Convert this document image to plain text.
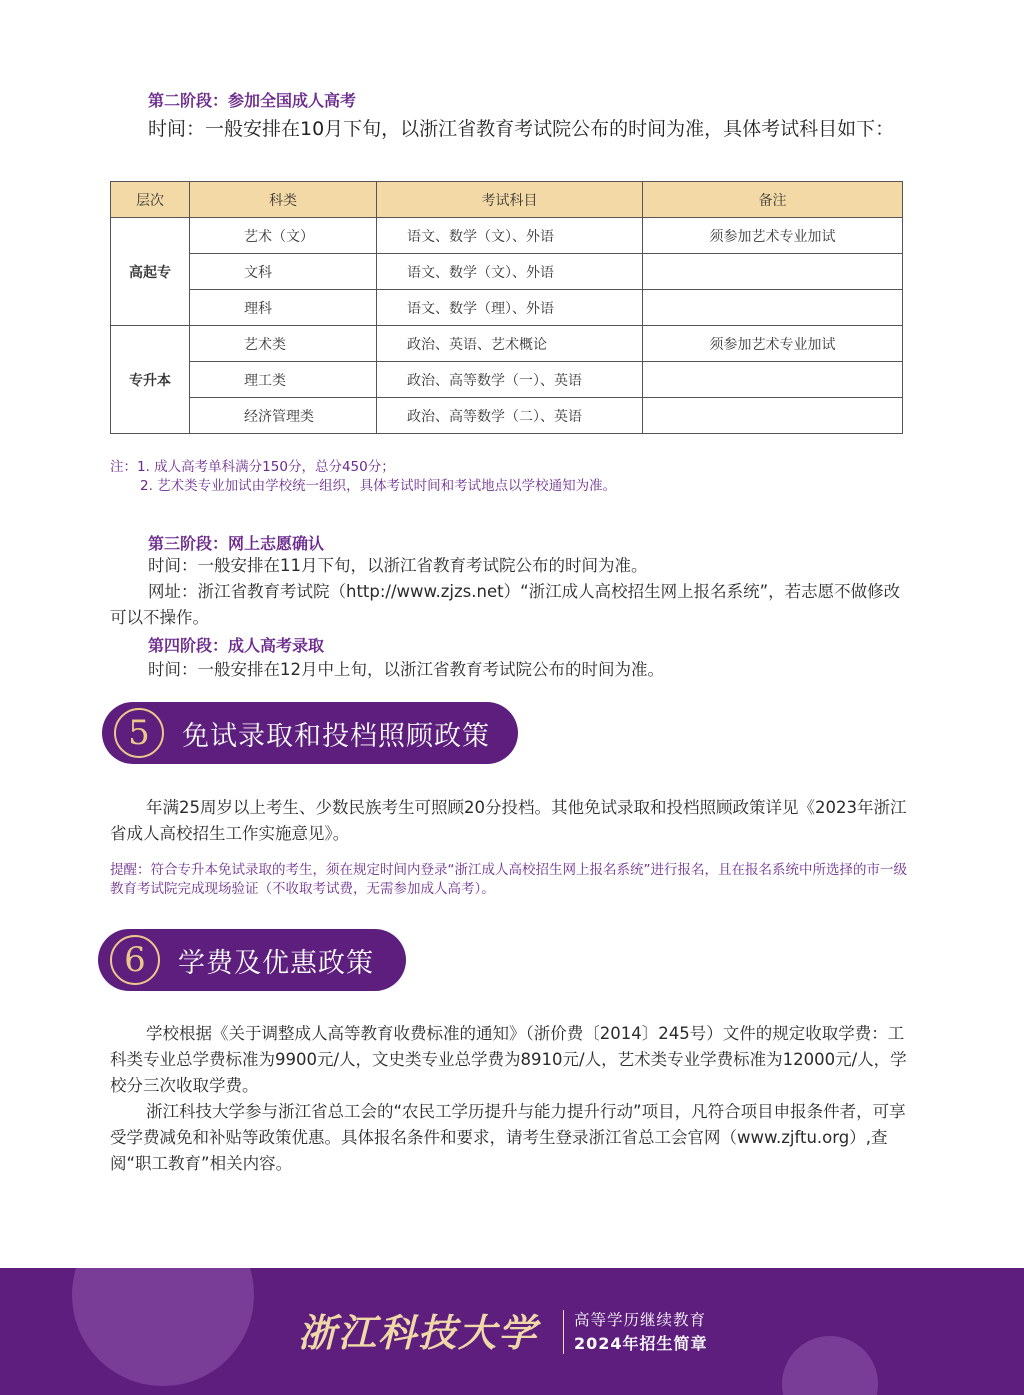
第二阶段：参加全国成人高考
时间：一般安排在10月下旬，以浙江省教育考试院公布的时间为准，具体考试科目如下：
层次	科类	考试科目	备注
高起专	艺术（文）	语文、数学（文）、外语	须参加艺术专业加试
	文科	语文、数学（文）、外语	
	理科	语文、数学（理）、外语	
专升本	艺术类	政治、英语、艺术概论	须参加艺术专业加试
	理工类	政治、高等数学（一）、英语	
	经济管理类	政治、高等数学（二）、英语	
注：1. 成人高考单科满分150分，总分450分；
2. 艺术类专业加试由学校统一组织，具体考试时间和考试地点以学校通知为准。
第三阶段：网上志愿确认
时间：一般安排在11月下旬，以浙江省教育考试院公布的时间为准。
网址：浙江省教育考试院（http://www.zjzs.net）“浙江成人高校招生网上报名系统”，若志愿不做修改可以不操作。
第四阶段：成人高考录取
时间：一般安排在12月中上旬，以浙江省教育考试院公布的时间为准。
5	免试录取和投档照顾政策
年满25周岁以上考生、少数民族考生可照顾20分投档。其他免试录取和投档照顾政策详见《2023年浙江省成人高校招生工作实施意见》。
提醒：符合专升本免试录取的考生，须在规定时间内登录“浙江成人高校招生网上报名系统”进行报名，且在报名系统中所选择的市一级教育考试院完成现场验证（不收取考试费，无需参加成人高考）。
6	学费及优惠政策
学校根据《关于调整成人高等教育收费标准的通知》（浙价费〔2014〕245号）文件的规定收取学费：工科类专业总学费标准为9900元/人，文史类专业总学费为8910元/人，艺术类专业学费标准为12000元/人，学校分三次收取学费。
浙江科技大学参与浙江省总工会的“农民工学历提升与能力提升行动”项目，凡符合项目申报条件者，可享受学费减免和补贴等政策优惠。具体报名条件和要求，请考生登录浙江省总工会官网（www.zjftu.org）,查阅“职工教育”相关内容。
浙江科技大学 高等学历继续教育
2024年招生简章
